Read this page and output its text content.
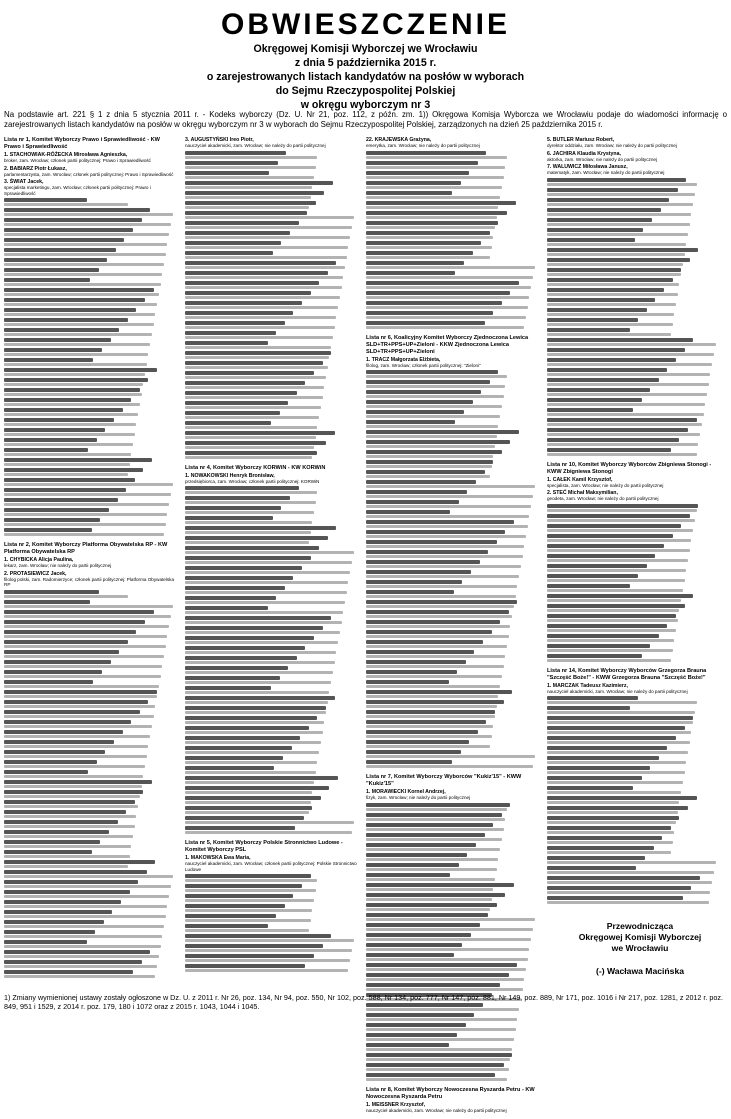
OBWIESZCZENIE

Okręgowej Komisji Wyborczej we Wrocławiu

z dnia 5 października 2015 r.

o zarejestrowanych listach kandydatów na posłów w wyborach

do Sejmu Rzeczypospolitej Polskiej

w okręgu wyborczym nr 3

Na podstawie art. 221 § 1 z dnia 5 stycznia 2011 r. - Kodeks wyborczy (Dz. U. Nr 21, poz. 112, z późn. zm. 1)) Okręgowa Komisja Wyborcza we Wrocławiu podaje do wiadomości informację o zarejestrowanych listach kandydatów na posłów w okręgu wyborczym nr 3 w wyborach do Sejmu Rzeczypospolitej Polskiej, zarządzonych na dzień 25 października 2015 r.

Lista nr 1, Komitet Wyborczy Prawo i Sprawiedliwość - KW Prawo i Sprawiedliwość
1. STACHOWIAK-RÓŻECKA Mirosława Agnieszka,
broker, zam. Wrocław; członek partii politycznej: Prawo i Sprawiedliwość
2. BABIARZ Piotr Łukasz,
parlamentarzysta, zam. Wrocław; członek partii politycznej: Prawo i Sprawiedliwość
3. ŚWIAT Jacek,
specjalista marketingu, zam. Wrocław; członek partii politycznej: Prawo i Sprawiedliwość
Lista nr 2, Komitet Wyborczy Platforma Obywatelska RP - KW Platforma Obywatelska RP
1. CHYBICKA Alicja Paulina,
lekarz, zam. Wrocław; nie należy do partii politycznej
2. PROTASIEWICZ Jacek,
filolog polski, zam. Radomierzyce; członek partii politycznej: Platforma Obywatelska RP
3. AUGUSTYŃSKI Ireo Piotr,
nauczyciel akademicki, zam. Wrocław; nie należy do partii politycznej
Lista nr 4, Komitet Wyborczy KORWiN - KW KORWiN
1. NOWAKOWSKI Henryk Bronisław,
przedsiębiorca, zam. Wrocław; członek partii politycznej: KORWiN
Lista nr 5, Komitet Wyborczy Polskie Stronnictwo Ludowe - Komitet Wyborczy PSL
1. MAKOWSKA Ewa Maria,
nauczyciel akademicki, zam. Wrocław; członek partii politycznej: Polskie Stronnictwo Ludowe
22. KRAJEWSKA Grażyna,
emerytka, zam. Wrocław; nie należy do partii politycznej
Lista nr 6, Koalicyjny Komitet Wyborczy Zjednoczona Lewica SLD+TR+PPS+UP+Zieloni - KKW Zjednoczona Lewica SLD+TR+PPS+UP+Zieloni
1. TRACZ Małgorzata Elżbieta,
filolog, zam. Wrocław; członek partii politycznej: "Zieloni"
Lista nr 7, Komitet Wyborczy Wyborców "Kukiz'15" - KWW "Kukiz'15"
1. MORAWIECKI Kornel Andrzej,
fizyk, zam. Wrocław; nie należy do partii politycznej
Lista nr 8, Komitet Wyborczy Nowoczesna Ryszarda Petru - KW Nowoczesna Ryszarda Petru
1. MEISSNER Krzysztof,
nauczyciel akademicki, zam. Wrocław; nie należy do partii politycznej
5. BUTLER Mariusz Robert,
dyrektor oddziału, zam. Wrocław; nie należy do partii politycznej
6. JACHIRA Klaudia Krystyna,
aktorka, zam. Wrocław; nie należy do partii politycznej
7. WALUWICZ Miłosława Janusz,
matematyk, zam. Wrocław; nie należy do partii politycznej
Lista nr 10, Komitet Wyborczy Wyborców Zbigniewa Stonogi - KWW Zbigniewa Stonogi
1. CAŁEK Kamil Krzysztof,
specjalista, zam. Wrocław; nie należy do partii politycznej
2. STEĆ Michał Maksymilian,
geodeta, zam. Wrocław; nie należy do partii politycznej
Lista nr 14, Komitet Wyborczy Wyborców Grzegorza Brauna "Szczęść Boże!" - KWW Grzegorza Brauna "Szczęść Boże!"
1. MARCZAK Tadeusz Kazimierz,
nauczyciel akademicki, zam. Wrocław; nie należy do partii politycznej
Przewodnicząca
Okręgowej Komisji Wyborczej
we Wrocławiu

(-) Wacława Macińska

1) Zmiany wymienionej ustawy zostały ogłoszone w Dz. U. z 2011 r. Nr 26, poz. 134, Nr 94, poz. 550, Nr 102, poz. 588, Nr 134, poz. 777, Nr 147, poz. 881, Nr 149, poz. 889, Nr 171, poz. 1016 i Nr 217, poz. 1281, z 2012 r. poz. 849, 951 i 1529, z 2014 r. poz. 179, 180 i 1072 oraz z 2015 r. 1043, 1044 i 1045.
